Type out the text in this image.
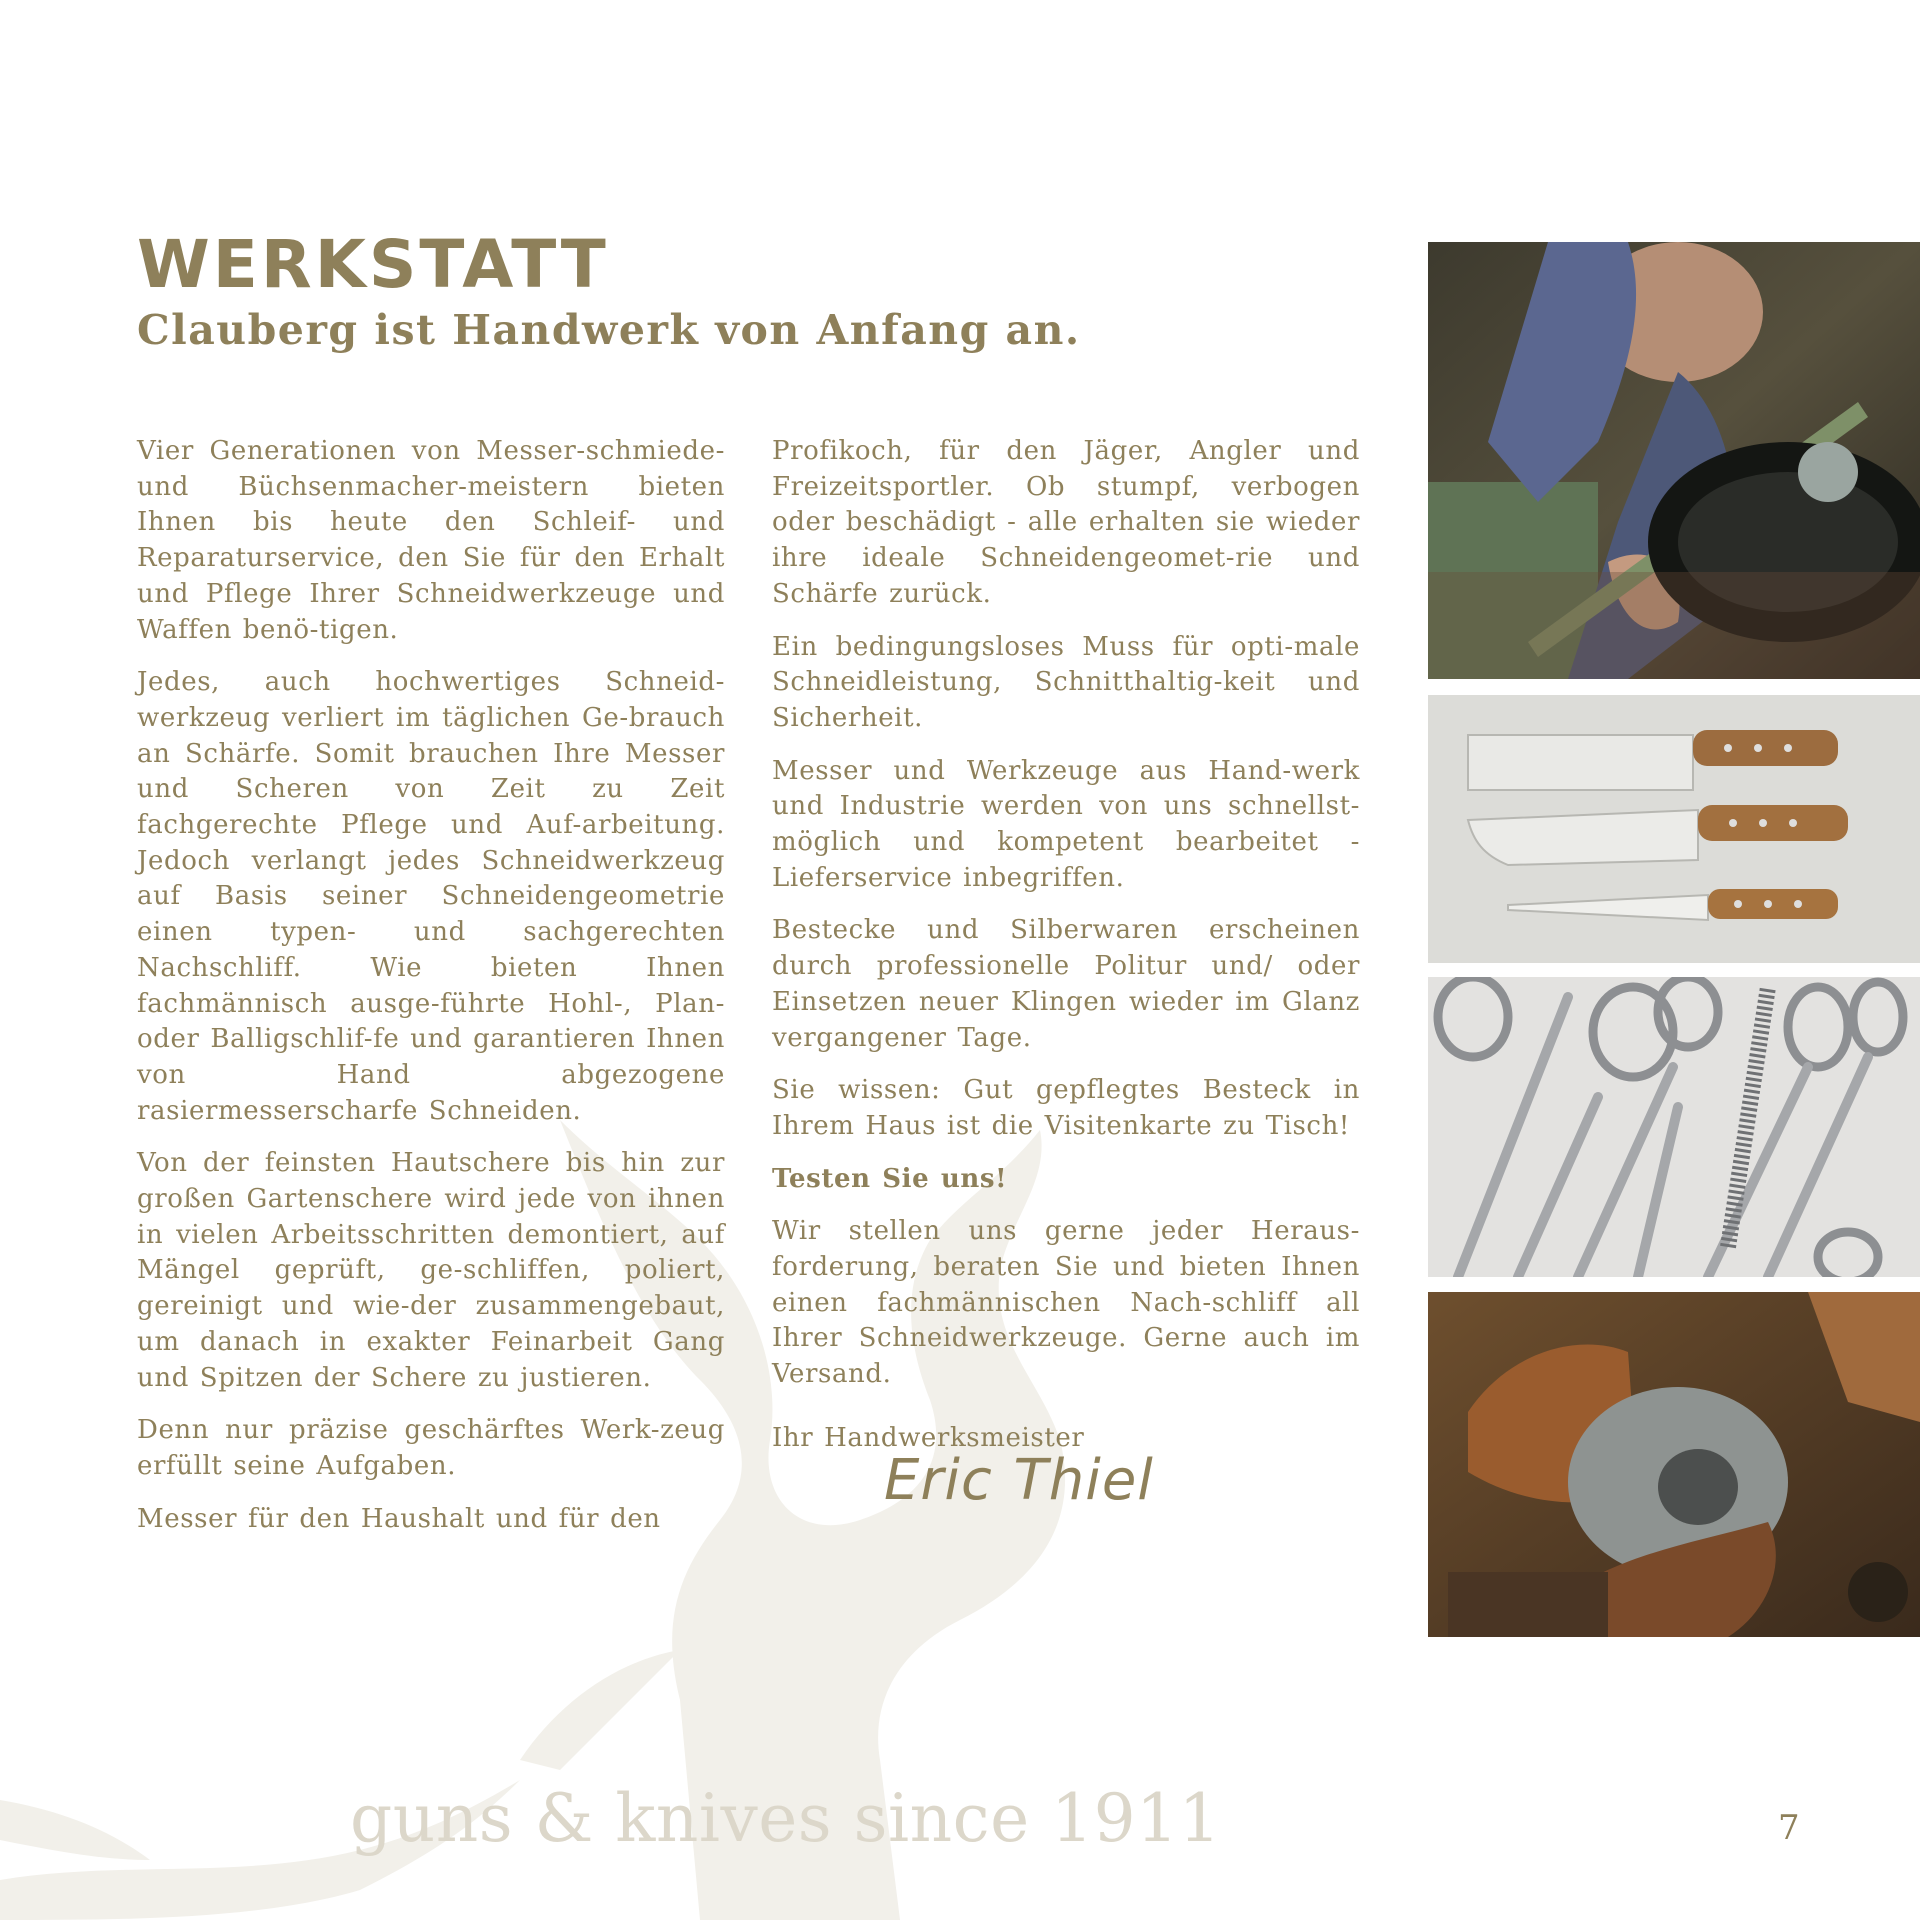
WERKSTATT
Clauberg ist Handwerk von Anfang an.

Vier Generationen von Messer-schmiede- und Büchsenmacher-meistern bieten Ihnen bis heute den Schleif- und Reparaturservice, den Sie für den Erhalt und Pflege Ihrer Schneidwerkzeuge und Waffen benö-tigen.

Jedes, auch hochwertiges Schneid-werkzeug verliert im täglichen Ge-brauch an Schärfe. Somit brauchen Ihre Messer und Scheren von Zeit zu Zeit fachgerechte Pflege und Auf-arbeitung. Jedoch verlangt jedes Schneidwerkzeug auf Basis seiner Schneidengeometrie einen typen- und sachgerechten Nachschliff. Wie bieten Ihnen fachmännisch ausge-führte Hohl-, Plan- oder Balligschlif-fe und garantieren Ihnen von Hand abgezogene rasiermesserscharfe Schneiden.

Von der feinsten Hautschere bis hin zur großen Gartenschere wird jede von ihnen in vielen Arbeitsschritten demontiert, auf Mängel geprüft, ge-schliffen, poliert, gereinigt und wie-der zusammengebaut, um danach in exakter Feinarbeit Gang und Spitzen der Schere zu justieren.

Denn nur präzise geschärftes Werk-zeug erfüllt seine Aufgaben.

Messer für den Haushalt und für den

Profikoch, für den Jäger, Angler und Freizeitsportler. Ob stumpf, verbogen oder beschädigt - alle erhalten sie wieder ihre ideale Schneidengeomet-rie und Schärfe zurück.

Ein bedingungsloses Muss für opti-male Schneidleistung, Schnitthaltig-keit und Sicherheit.

Messer und Werkzeuge aus Hand-werk und Industrie werden von uns schnellst-möglich und kompetent bearbeitet - Lieferservice inbegriffen.

Bestecke und Silberwaren erscheinen durch professionelle Politur und/ oder Einsetzen neuer Klingen wieder im Glanz vergangener Tage.

Sie wissen: Gut gepflegtes Besteck in Ihrem Haus ist die Visitenkarte zu Tisch!

Testen Sie uns!

Wir stellen uns gerne jeder Heraus-forderung, beraten Sie und bieten Ihnen einen fachmännischen Nach-schliff all Ihrer Schneidwerkzeuge. Gerne auch im Versand.

Ihr Handwerksmeister

Eric Thiel
guns & knives since 1911	7
